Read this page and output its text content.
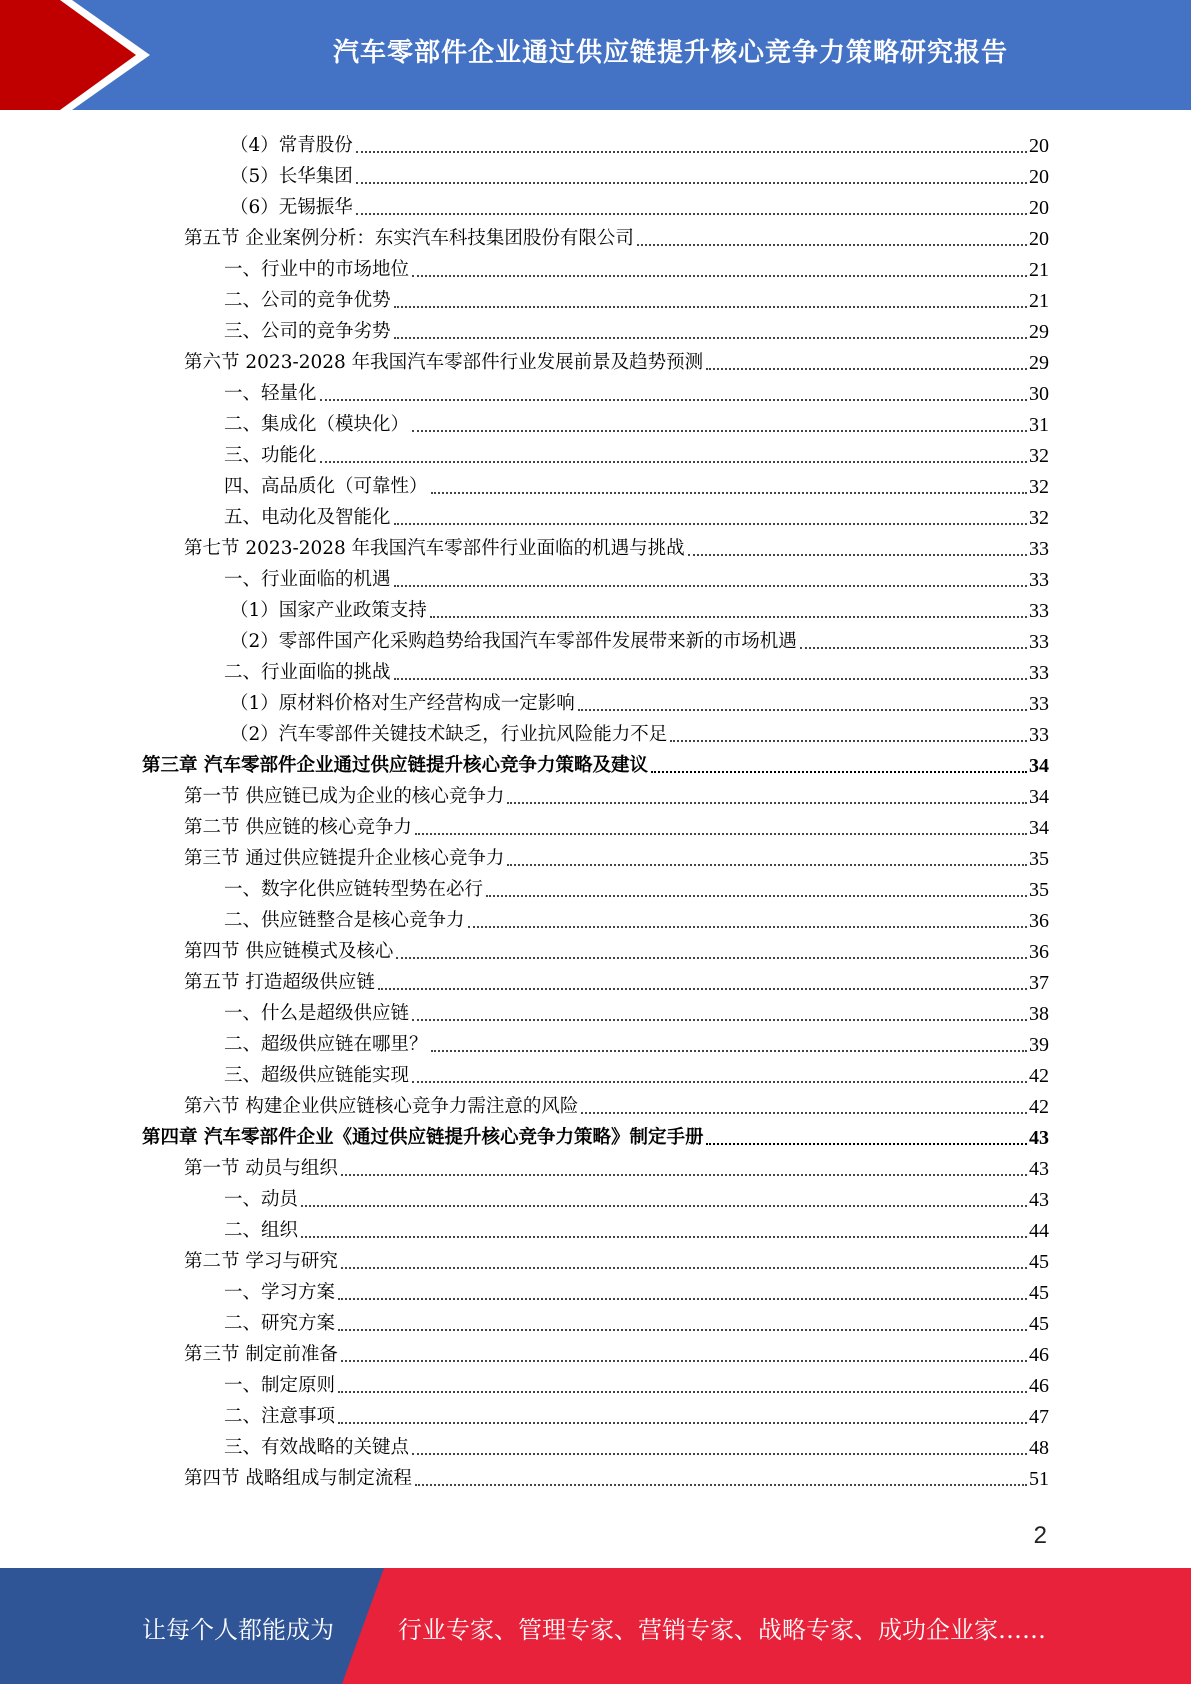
汽车零部件企业通过供应链提升核心竞争力策略研究报告
（4）常青股份	20
（5）长华集团	20
（6）无锡振华	20
第五节 企业案例分析：东实汽车科技集团股份有限公司	20
一、行业中的市场地位	21
二、公司的竞争优势	21
三、公司的竞争劣势	29
第六节 2023-2028 年我国汽车零部件行业发展前景及趋势预测	29
一、轻量化	30
二、集成化（模块化）	31
三、功能化	32
四、高品质化（可靠性）	32
五、电动化及智能化	32
第七节 2023-2028 年我国汽车零部件行业面临的机遇与挑战	33
一、行业面临的机遇	33
（1）国家产业政策支持	33
（2）零部件国产化采购趋势给我国汽车零部件发展带来新的市场机遇	33
二、行业面临的挑战	33
（1）原材料价格对生产经营构成一定影响	33
（2）汽车零部件关键技术缺乏，行业抗风险能力不足	33
第三章 汽车零部件企业通过供应链提升核心竞争力策略及建议	34
第一节 供应链已成为企业的核心竞争力	34
第二节 供应链的核心竞争力	34
第三节 通过供应链提升企业核心竞争力	35
一、数字化供应链转型势在必行	35
二、供应链整合是核心竞争力	36
第四节 供应链模式及核心	36
第五节 打造超级供应链	37
一、什么是超级供应链	38
二、超级供应链在哪里？	39
三、超级供应链能实现	42
第六节 构建企业供应链核心竞争力需注意的风险	42
第四章 汽车零部件企业《通过供应链提升核心竞争力策略》制定手册	43
第一节 动员与组织	43
一、动员	43
二、组织	44
第二节 学习与研究	45
一、学习方案	45
二、研究方案	45
第三节 制定前准备	46
一、制定原则	46
二、注意事项	47
三、有效战略的关键点	48
第四节 战略组成与制定流程	51
2
让每个人都能成为	行业专家、管理专家、营销专家、战略专家、成功企业家……
